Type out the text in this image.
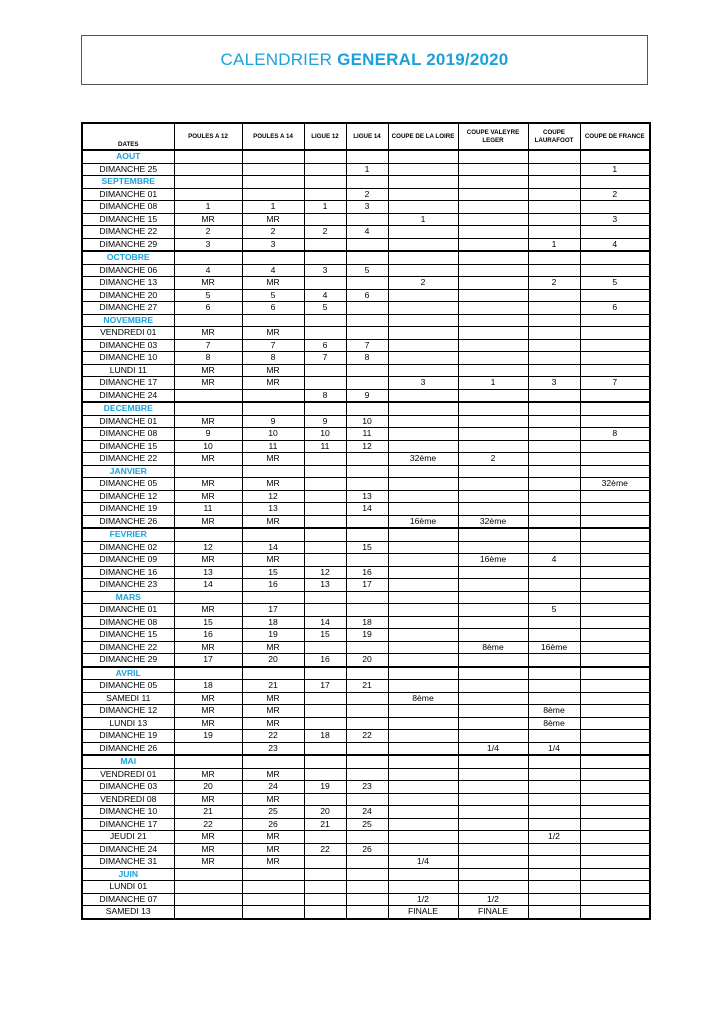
CALENDRIER GENERAL 2019/2020
DATES	POULES A 12	POULES A 14	LIGUE 12	LIGUE 14	COUPE DE LA LOIRE	COUPE VALEYRE LEGER	COUPE LAURAFOOT	COUPE DE FRANCE
AOUT								
DIMANCHE 25				1				1
SEPTEMBRE								
DIMANCHE 01				2				2
DIMANCHE 08	1	1	1	3				
DIMANCHE 15	MR	MR			1			3
DIMANCHE 22	2	2	2	4				
DIMANCHE 29	3	3					1	4
OCTOBRE								
DIMANCHE 06	4	4	3	5				
DIMANCHE 13	MR	MR			2		2	5
DIMANCHE 20	5	5	4	6				
DIMANCHE 27	6	6	5					6
NOVEMBRE								
VENDREDI 01	MR	MR						
DIMANCHE 03	7	7	6	7				
DIMANCHE 10	8	8	7	8				
LUNDI 11	MR	MR						
DIMANCHE 17	MR	MR			3	1	3	7
DIMANCHE 24			8	9				
DECEMBRE								
DIMANCHE 01	MR	9	9	10				
DIMANCHE 08	9	10	10	11				8
DIMANCHE 15	10	11	11	12				
DIMANCHE 22	MR	MR			32ème	2		
JANVIER								
DIMANCHE 05	MR	MR						32ème
DIMANCHE 12	MR	12		13				
DIMANCHE 19	11	13		14				
DIMANCHE 26	MR	MR			16ème	32ème		
FEVRIER								
DIMANCHE 02	12	14		15				
DIMANCHE 09	MR	MR				16ème	4	
DIMANCHE 16	13	15	12	16				
DIMANCHE 23	14	16	13	17				
MARS								
DIMANCHE 01	MR	17					5	
DIMANCHE 08	15	18	14	18				
DIMANCHE 15	16	19	15	19				
DIMANCHE 22	MR	MR				8ème	16ème	
DIMANCHE 29	17	20	16	20				
AVRIL								
DIMANCHE 05	18	21	17	21				
SAMEDI 11	MR	MR			8ème			
DIMANCHE 12	MR	MR					8ème	
LUNDI 13	MR	MR					8ème	
DIMANCHE 19	19	22	18	22				
DIMANCHE 26		23				1/4	1/4	
MAI								
VENDREDI 01	MR	MR						
DIMANCHE 03	20	24	19	23				
VENDREDI 08	MR	MR						
DIMANCHE 10	21	25	20	24				
DIMANCHE 17	22	26	21	25				
JEUDI 21	MR	MR					1/2	
DIMANCHE 24	MR	MR	22	26				
DIMANCHE 31	MR	MR			1/4			
JUIN								
LUNDI 01								
DIMANCHE 07					1/2	1/2		
SAMEDI 13					FINALE	FINALE		
